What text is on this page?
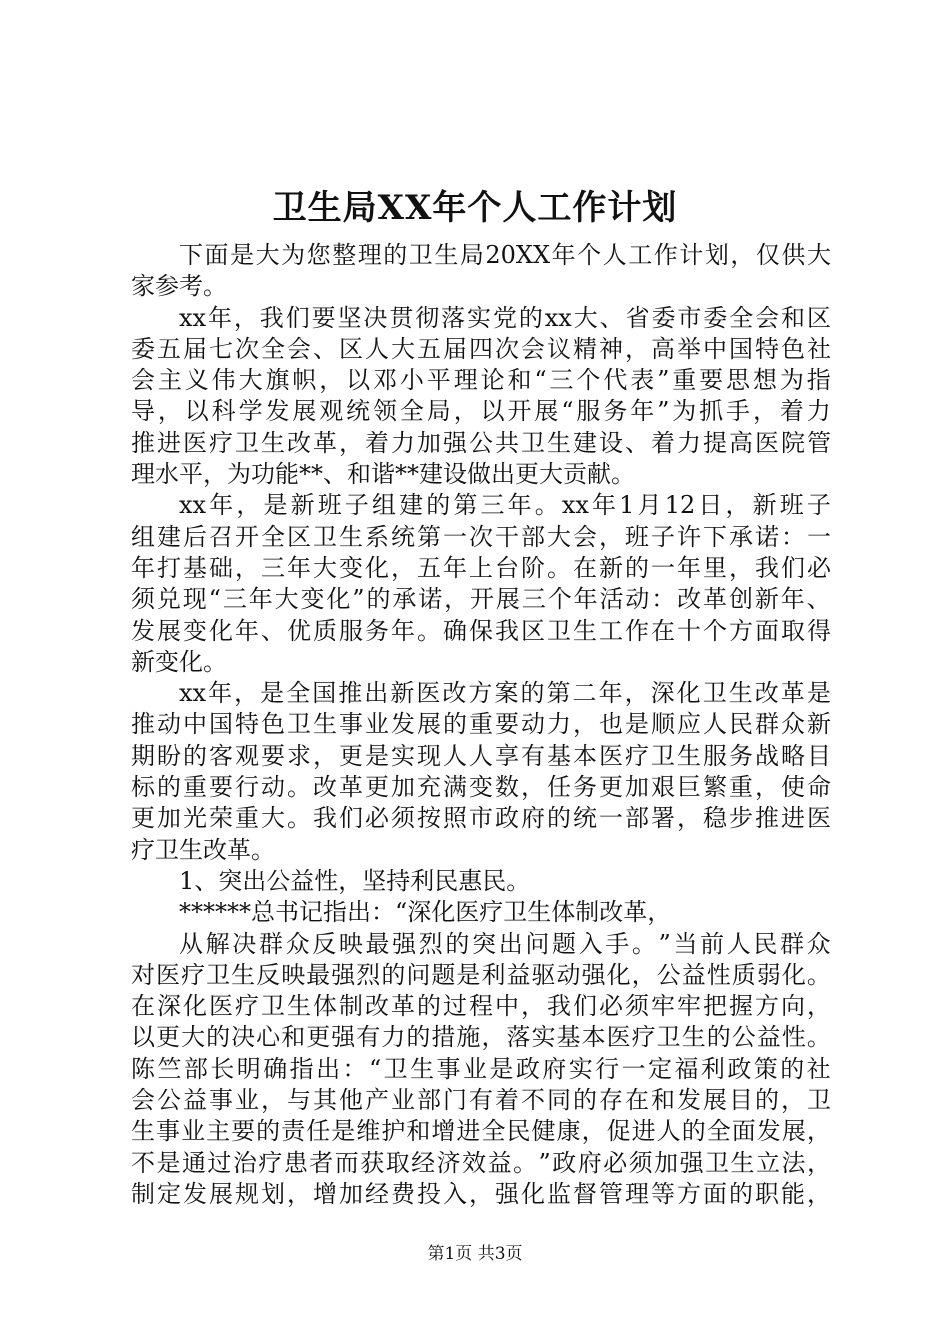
卫生局XX年个人工作计划
下 面 是 大 为 您 整 理 的 卫 生 局 20XX 年 个 人 工 作 计 划 ， 仅 供 大
家 参 考 。
xx 年 ， 我 们 要 坚 决 贯 彻 落 实 党 的 xx 大 、 省 委 市 委 全 会 和 区
委 五 届 七 次 全 会 、 区 人 大 五 届 四 次 会 议 精 神 ， 高 举 中 国 特 色 社
会 主 义 伟 大 旗 帜 ， 以 邓 小 平 理 论 和 “ 三 个 代 表 ” 重 要 思 想 为 指
导 ， 以 科 学 发 展 观 统 领 全 局 ， 以 开 展 “ 服 务 年 ” 为 抓 手 ， 着 力
推 进 医 疗 卫 生 改 革 ， 着 力 加 强 公 共 卫 生 建 设 、 着 力 提 高 医 院 管
理 水 平 ， 为 功 能 ** 、 和 谐 ** 建 设 做 出 更 大 贡 献 。
xx 年 ， 是 新 班 子 组 建 的 第 三 年 。 xx 年 1 月 12 日 ， 新 班 子
组 建 后 召 开 全 区 卫 生 系 统 第 一 次 干 部 大 会 ， 班 子 许 下 承 诺 ： 一
年 打 基 础 ， 三 年 大 变 化 ， 五 年 上 台 阶 。 在 新 的 一 年 里 ， 我 们 必
须 兑 现 “ 三 年 大 变 化 ” 的 承 诺 ， 开 展 三 个 年 活 动 ： 改 革 创 新 年 、
发 展 变 化 年 、 优 质 服 务 年 。 确 保 我 区 卫 生 工 作 在 十 个 方 面 取 得
新 变 化 。
xx 年 ， 是 全 国 推 出 新 医 改 方 案 的 第 二 年 ， 深 化 卫 生 改 革 是
推 动 中 国 特 色 卫 生 事 业 发 展 的 重 要 动 力 ， 也 是 顺 应 人 民 群 众 新
期 盼 的 客 观 要 求 ， 更 是 实 现 人 人 享 有 基 本 医 疗 卫 生 服 务 战 略 目
标 的 重 要 行 动 。 改 革 更 加 充 满 变 数 ， 任 务 更 加 艰 巨 繁 重 ， 使 命
更 加 光 荣 重 大 。 我 们 必 须 按 照 市 政 府 的 统 一 部 署 ， 稳 步 推 进 医
疗 卫 生 改 革 。
1 、 突 出 公 益 性 ， 坚 持 利 民 惠 民 。
****** 总 书 记 指 出 ： “ 深 化 医 疗 卫 生 体 制 改 革 ，
从 解 决 群 众 反 映 最 强 烈 的 突 出 问 题 入 手 。 ” 当 前 人 民 群 众
对 医 疗 卫 生 反 映 最 强 烈 的 问 题 是 利 益 驱 动 强 化 ， 公 益 性 质 弱 化 。
在 深 化 医 疗 卫 生 体 制 改 革 的 过 程 中 ， 我 们 必 须 牢 牢 把 握 方 向 ，
以 更 大 的 决 心 和 更 强 有 力 的 措 施 ， 落 实 基 本 医 疗 卫 生 的 公 益 性 。
陈 竺 部 长 明 确 指 出 ： “ 卫 生 事 业 是 政 府 实 行 一 定 福 利 政 策 的 社
会 公 益 事 业 ， 与 其 他 产 业 部 门 有 着 不 同 的 存 在 和 发 展 目 的 ， 卫
生 事 业 主 要 的 责 任 是 维 护 和 增 进 全 民 健 康 ， 促 进 人 的 全 面 发 展 ，
不 是 通 过 治 疗 患 者 而 获 取 经 济 效 益 。 ” 政 府 必 须 加 强 卫 生 立 法 ，
制 定 发 展 规 划 ， 增 加 经 费 投 入 ， 强 化 监 督 管 理 等 方 面 的 职 能 ，
第1页 共3页
